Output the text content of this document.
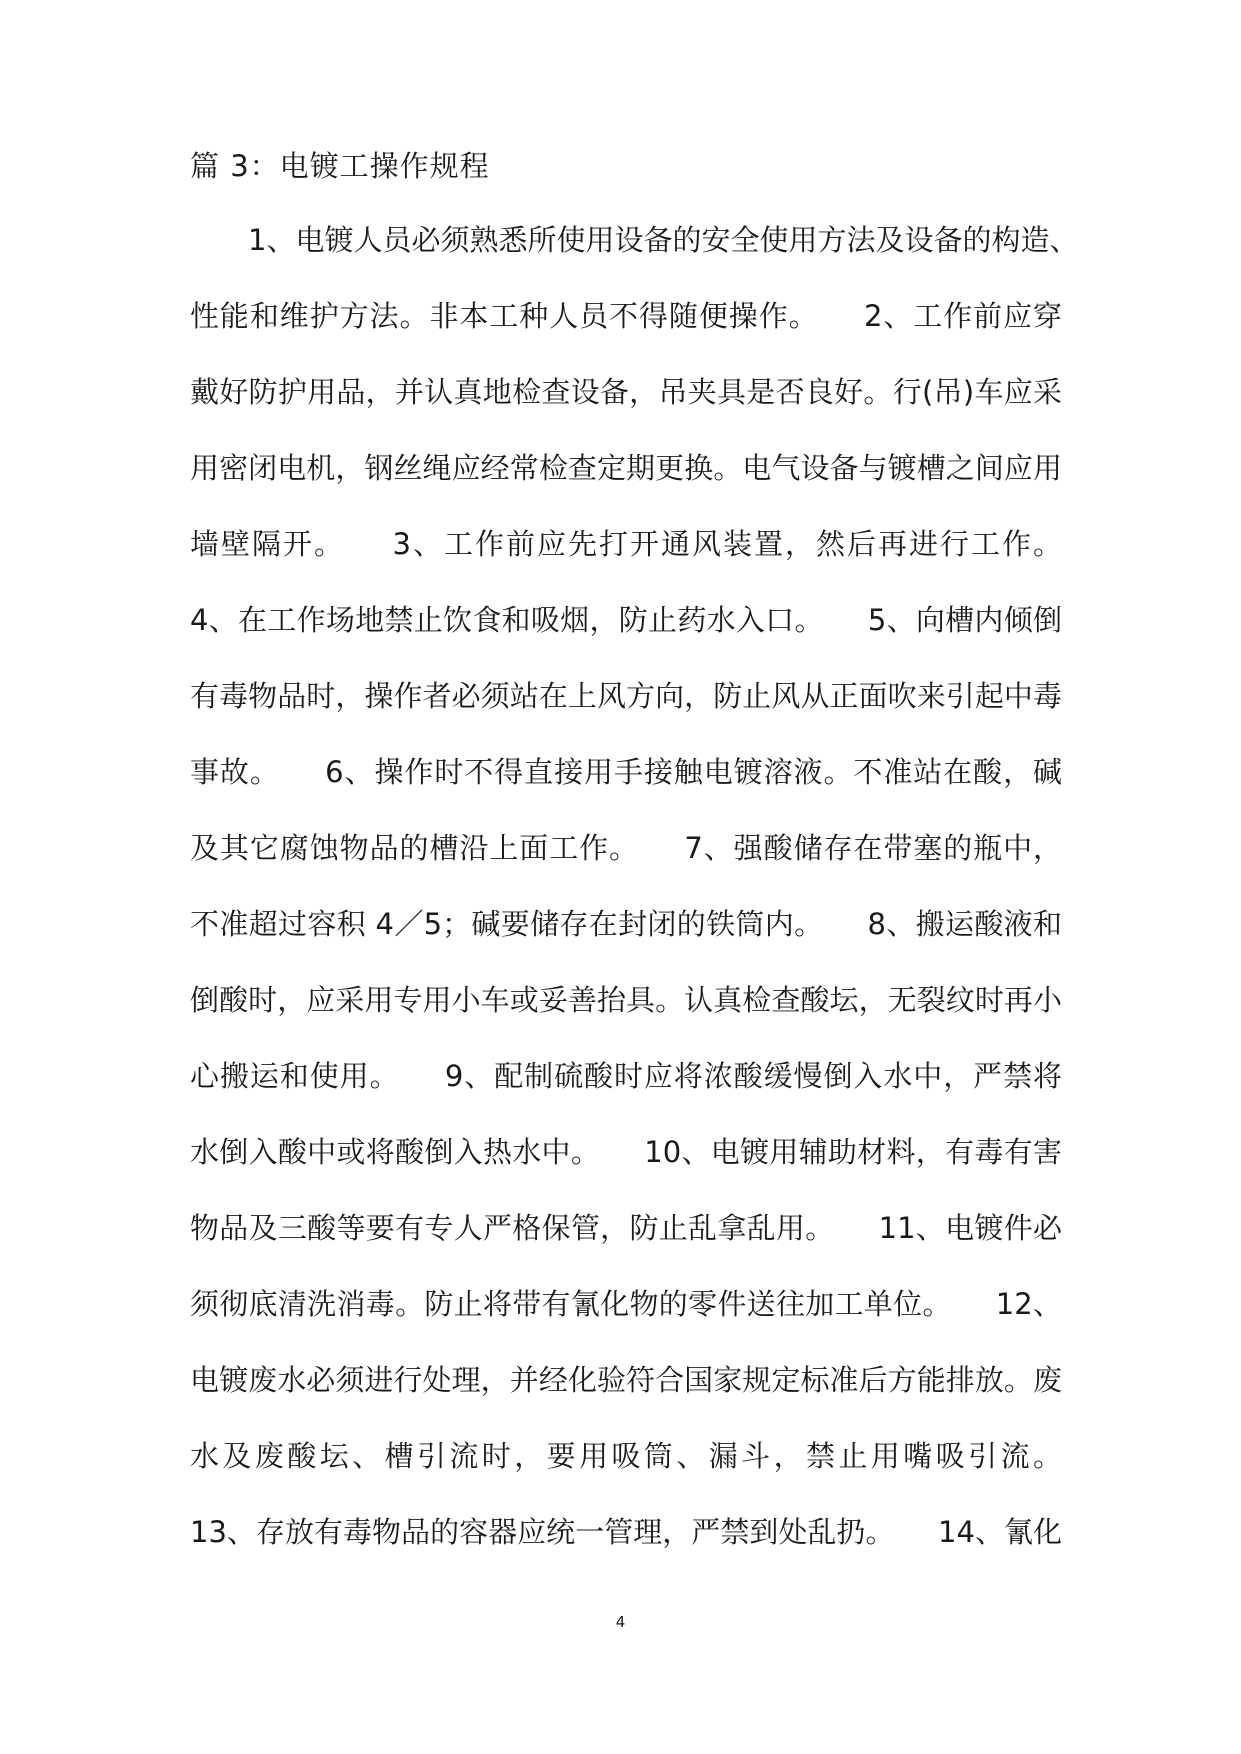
篇 3：电镀工操作规程
1、电镀人员必须熟悉所使用设备的安全使用方法及设备的构造、
性能和维护方法。非本工种人员不得随便操作。　　2、工作前应穿
戴好防护用品，并认真地检查设备，吊夹具是否良好。行(吊)车应采
用密闭电机，钢丝绳应经常检查定期更换。电气设备与镀槽之间应用
墙壁隔开。　　3、工作前应先打开通风装置，然后再进行工作。
4、在工作场地禁止饮食和吸烟，防止药水入口。　　5、向槽内倾倒
有毒物品时，操作者必须站在上风方向，防止风从正面吹来引起中毒
事故。　　6、操作时不得直接用手接触电镀溶液。不准站在酸，碱
及其它腐蚀物品的槽沿上面工作。　　7、强酸储存在带塞的瓶中，
不准超过容积 4／5；碱要储存在封闭的铁筒内。　　8、搬运酸液和
倒酸时，应采用专用小车或妥善抬具。认真检查酸坛，无裂纹时再小
心搬运和使用。　　9、配制硫酸时应将浓酸缓慢倒入水中，严禁将
水倒入酸中或将酸倒入热水中。　　10、电镀用辅助材料，有毒有害
物品及三酸等要有专人严格保管，防止乱拿乱用。　　11、电镀件必
须彻底清洗消毒。防止将带有氰化物的零件送往加工单位。　　12、
电镀废水必须进行处理，并经化验符合国家规定标准后方能排放。废
水及废酸坛、槽引流时，要用吸筒、漏斗，禁止用嘴吸引流。
13、存放有毒物品的容器应统一管理，严禁到处乱扔。　　14、氰化
4
